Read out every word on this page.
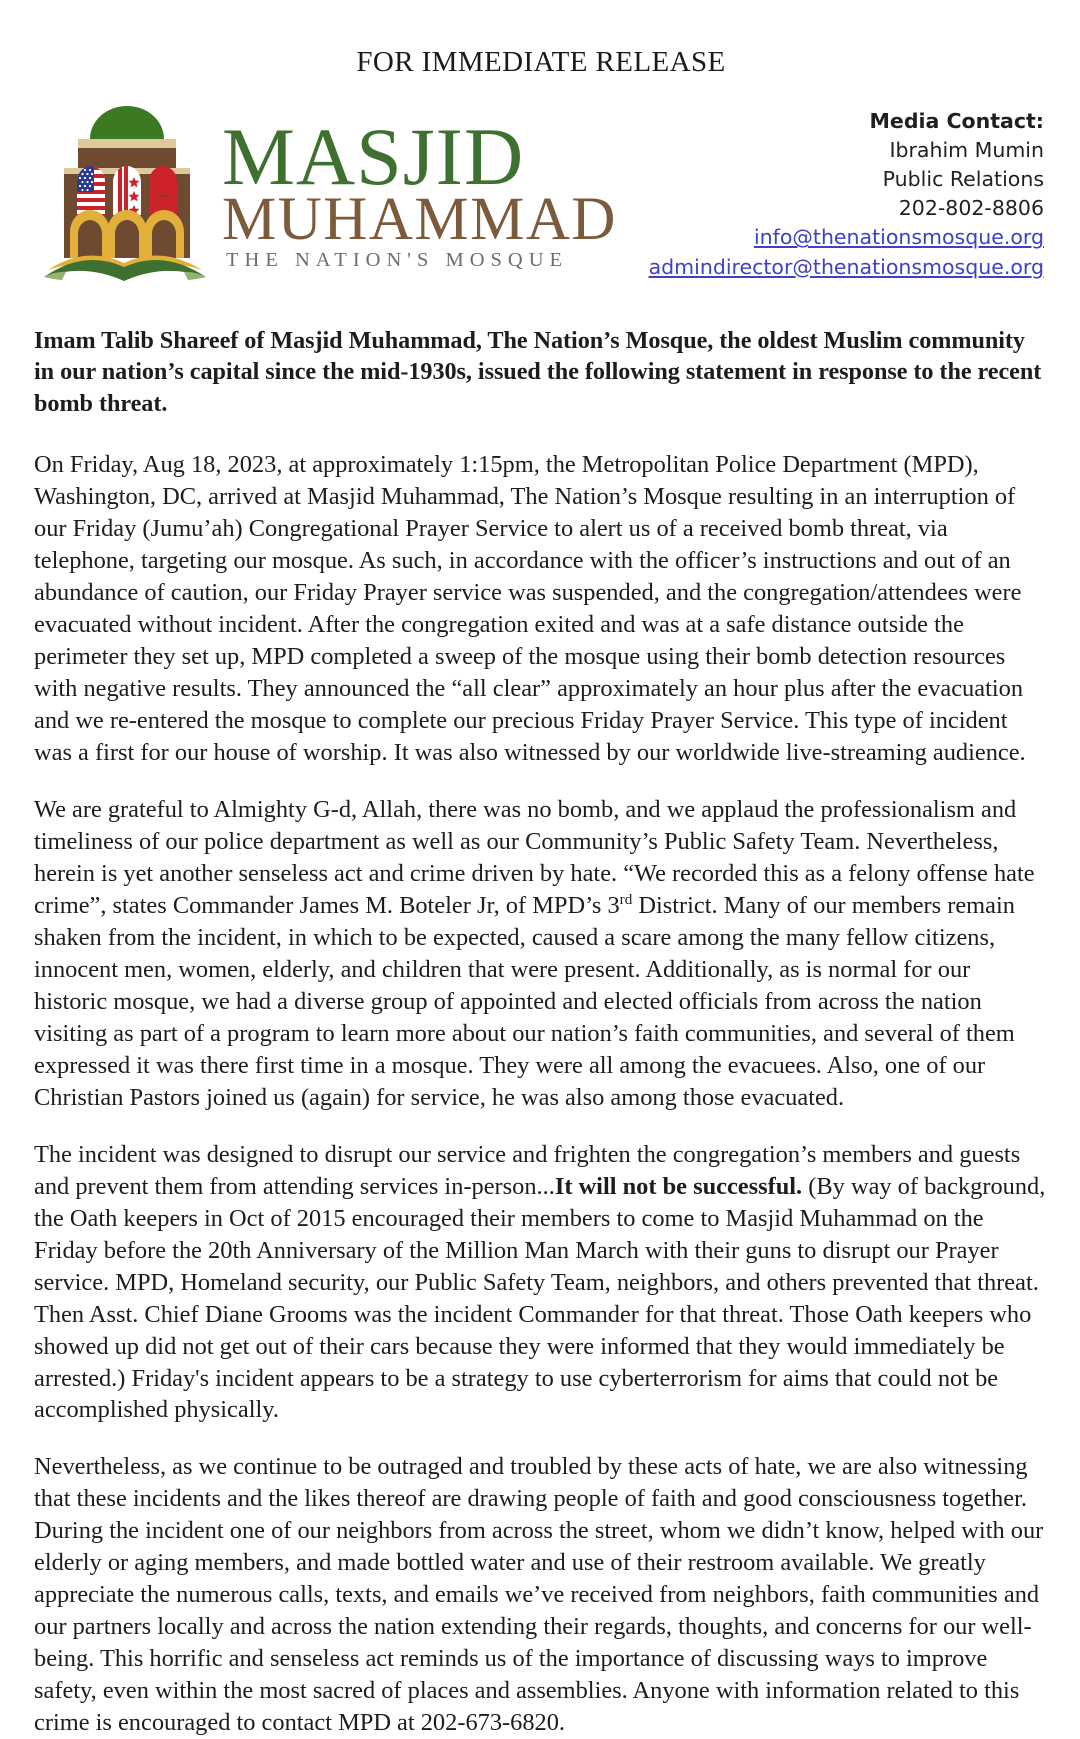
FOR IMMEDIATE RELEASE
MASJID
MUHAMMAD
THE NATION'S MOSQUE
Media Contact:
Ibrahim Mumin
Public Relations
202-802-8806
info@thenationsmosque.org
admindirector@thenationsmosque.org

Imam Talib Shareef of Masjid Muhammad, The Nation’s Mosque, the oldest Muslim community in our nation’s capital since the mid-1930s, issued the following statement in response to the recent bomb threat.

On Friday, Aug 18, 2023, at approximately 1:15pm, the Metropolitan Police Department (MPD), Washington, DC, arrived at Masjid Muhammad, The Nation’s Mosque resulting in an interruption of our Friday (Jumu’ah) Congregational Prayer Service to alert us of a received bomb threat, via telephone, targeting our mosque. As such, in accordance with the officer’s instructions and out of an abundance of caution, our Friday Prayer service was suspended, and the congregation/attendees were evacuated without incident. After the congregation exited and was at a safe distance outside the perimeter they set up, MPD completed a sweep of the mosque using their bomb detection resources with negative results. They announced the “all clear” approximately an hour plus after the evacuation and we re-entered the mosque to complete our precious Friday Prayer Service. This type of incident was a first for our house of worship. It was also witnessed by our worldwide live-streaming audience.

We are grateful to Almighty G-d, Allah, there was no bomb, and we applaud the professionalism and timeliness of our police department as well as our Community’s Public Safety Team. Nevertheless, herein is yet another senseless act and crime driven by hate. “We recorded this as a felony offense hate crime”, states Commander James M. Boteler Jr, of MPD’s 3rd District. Many of our members remain shaken from the incident, in which to be expected, caused a scare among the many fellow citizens, innocent men, women, elderly, and children that were present. Additionally, as is normal for our historic mosque, we had a diverse group of appointed and elected officials from across the nation visiting as part of a program to learn more about our nation’s faith communities, and several of them expressed it was there first time in a mosque. They were all among the evacuees. Also, one of our Christian Pastors joined us (again) for service, he was also among those evacuated.

The incident was designed to disrupt our service and frighten the congregation’s members and guests and prevent them from attending services in-person...It will not be successful. (By way of background, the Oath keepers in Oct of 2015 encouraged their members to come to Masjid Muhammad on the Friday before the 20th Anniversary of the Million Man March with their guns to disrupt our Prayer service. MPD, Homeland security, our Public Safety Team, neighbors, and others prevented that threat. Then Asst. Chief Diane Grooms was the incident Commander for that threat. Those Oath keepers who showed up did not get out of their cars because they were informed that they would immediately be arrested.) Friday's incident appears to be a strategy to use cyberterrorism for aims that could not be accomplished physically.

Nevertheless, as we continue to be outraged and troubled by these acts of hate, we are also witnessing that these incidents and the likes thereof are drawing people of faith and good consciousness together. During the incident one of our neighbors from across the street, whom we didn’t know, helped with our elderly or aging members, and made bottled water and use of their restroom available. We greatly appreciate the numerous calls, texts, and emails we’ve received from neighbors, faith communities and our partners locally and across the nation extending their regards, thoughts, and concerns for our well-being. This horrific and senseless act reminds us of the importance of discussing ways to improve safety, even within the most sacred of places and assemblies. Anyone with information related to this crime is encouraged to contact MPD at 202-673-6820.
